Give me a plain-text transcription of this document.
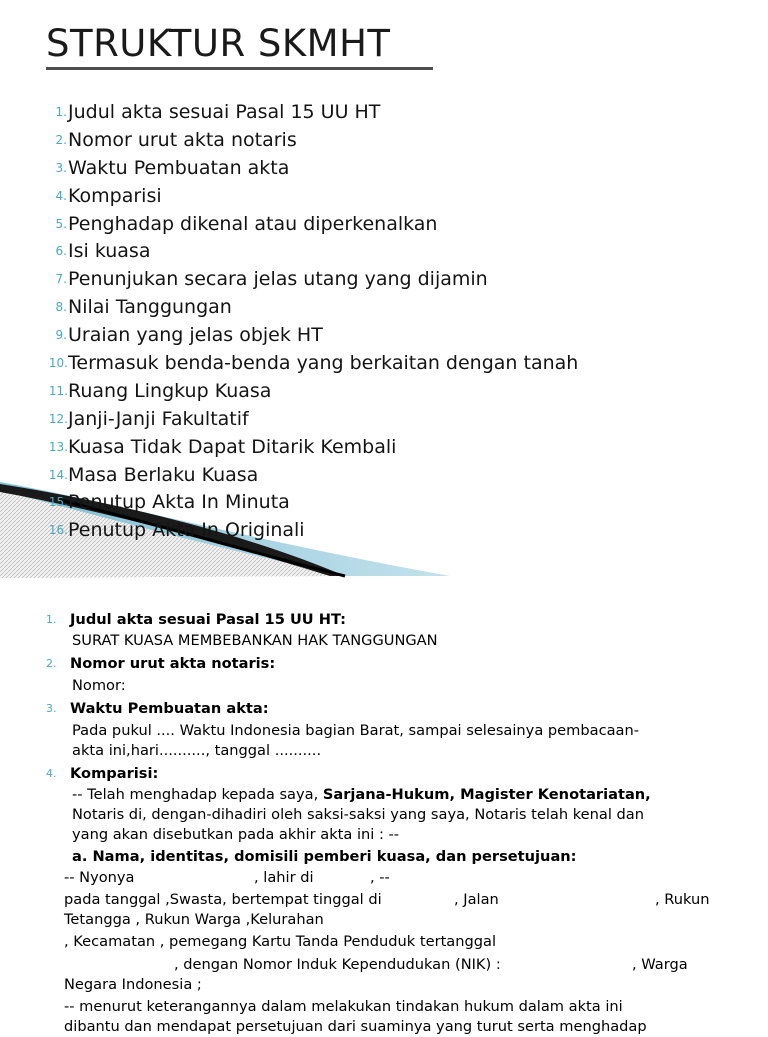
STRUKTUR SKMHT
1. Judul akta sesuai Pasal 15 UU HT
2. Nomor urut akta notaris
3. Waktu Pembuatan akta
4. Komparisi
5. Penghadap dikenal atau diperkenalkan
6. Isi kuasa
7. Penunjukan secara jelas utang yang dijamin
8. Nilai Tanggungan
9. Uraian yang jelas objek HT
10. Termasuk benda-benda yang berkaitan dengan tanah
11. Ruang Lingkup Kuasa
12. Janji-Janji Fakultatif
13. Kuasa Tidak Dapat Ditarik Kembali
14. Masa Berlaku Kuasa
15. Penutup Akta In Minuta
16. Penutup Akta In Originali
1. Judul akta sesuai Pasal 15 UU HT:
SURAT KUASA MEMBEBANKAN HAK TANGGUNGAN
2. Nomor urut akta notaris:
Nomor:
3. Waktu Pembuatan akta:
Pada pukul .... Waktu Indonesia bagian Barat, sampai selesainya pembacaan-
akta ini,hari.........., tanggal ..........
4. Komparisi:
-- Telah menghadap kepada saya, Sarjana-Hukum, Magister Kenotariatan,
Notaris di, dengan-dihadiri oleh saksi-saksi yang saya, Notaris telah kenal dan
yang akan disebutkan pada akhir akta ini : --
a. Nama, identitas, domisili pemberi kuasa, dan persetujuan:
-- Nyonya	, lahir di	, --
pada tanggal ,Swasta, bertempat tinggal di	, Jalan	, Rukun
Tetangga , Rukun Warga ,Kelurahan
, Kecamatan , pemegang Kartu Tanda Penduduk tertanggal
, dengan Nomor Induk Kependudukan (NIK) :	, Warga
Negara Indonesia ;
-- menurut keterangannya dalam melakukan tindakan hukum dalam akta ini
dibantu dan mendapat persetujuan dari suaminya yang turut serta menghadap
